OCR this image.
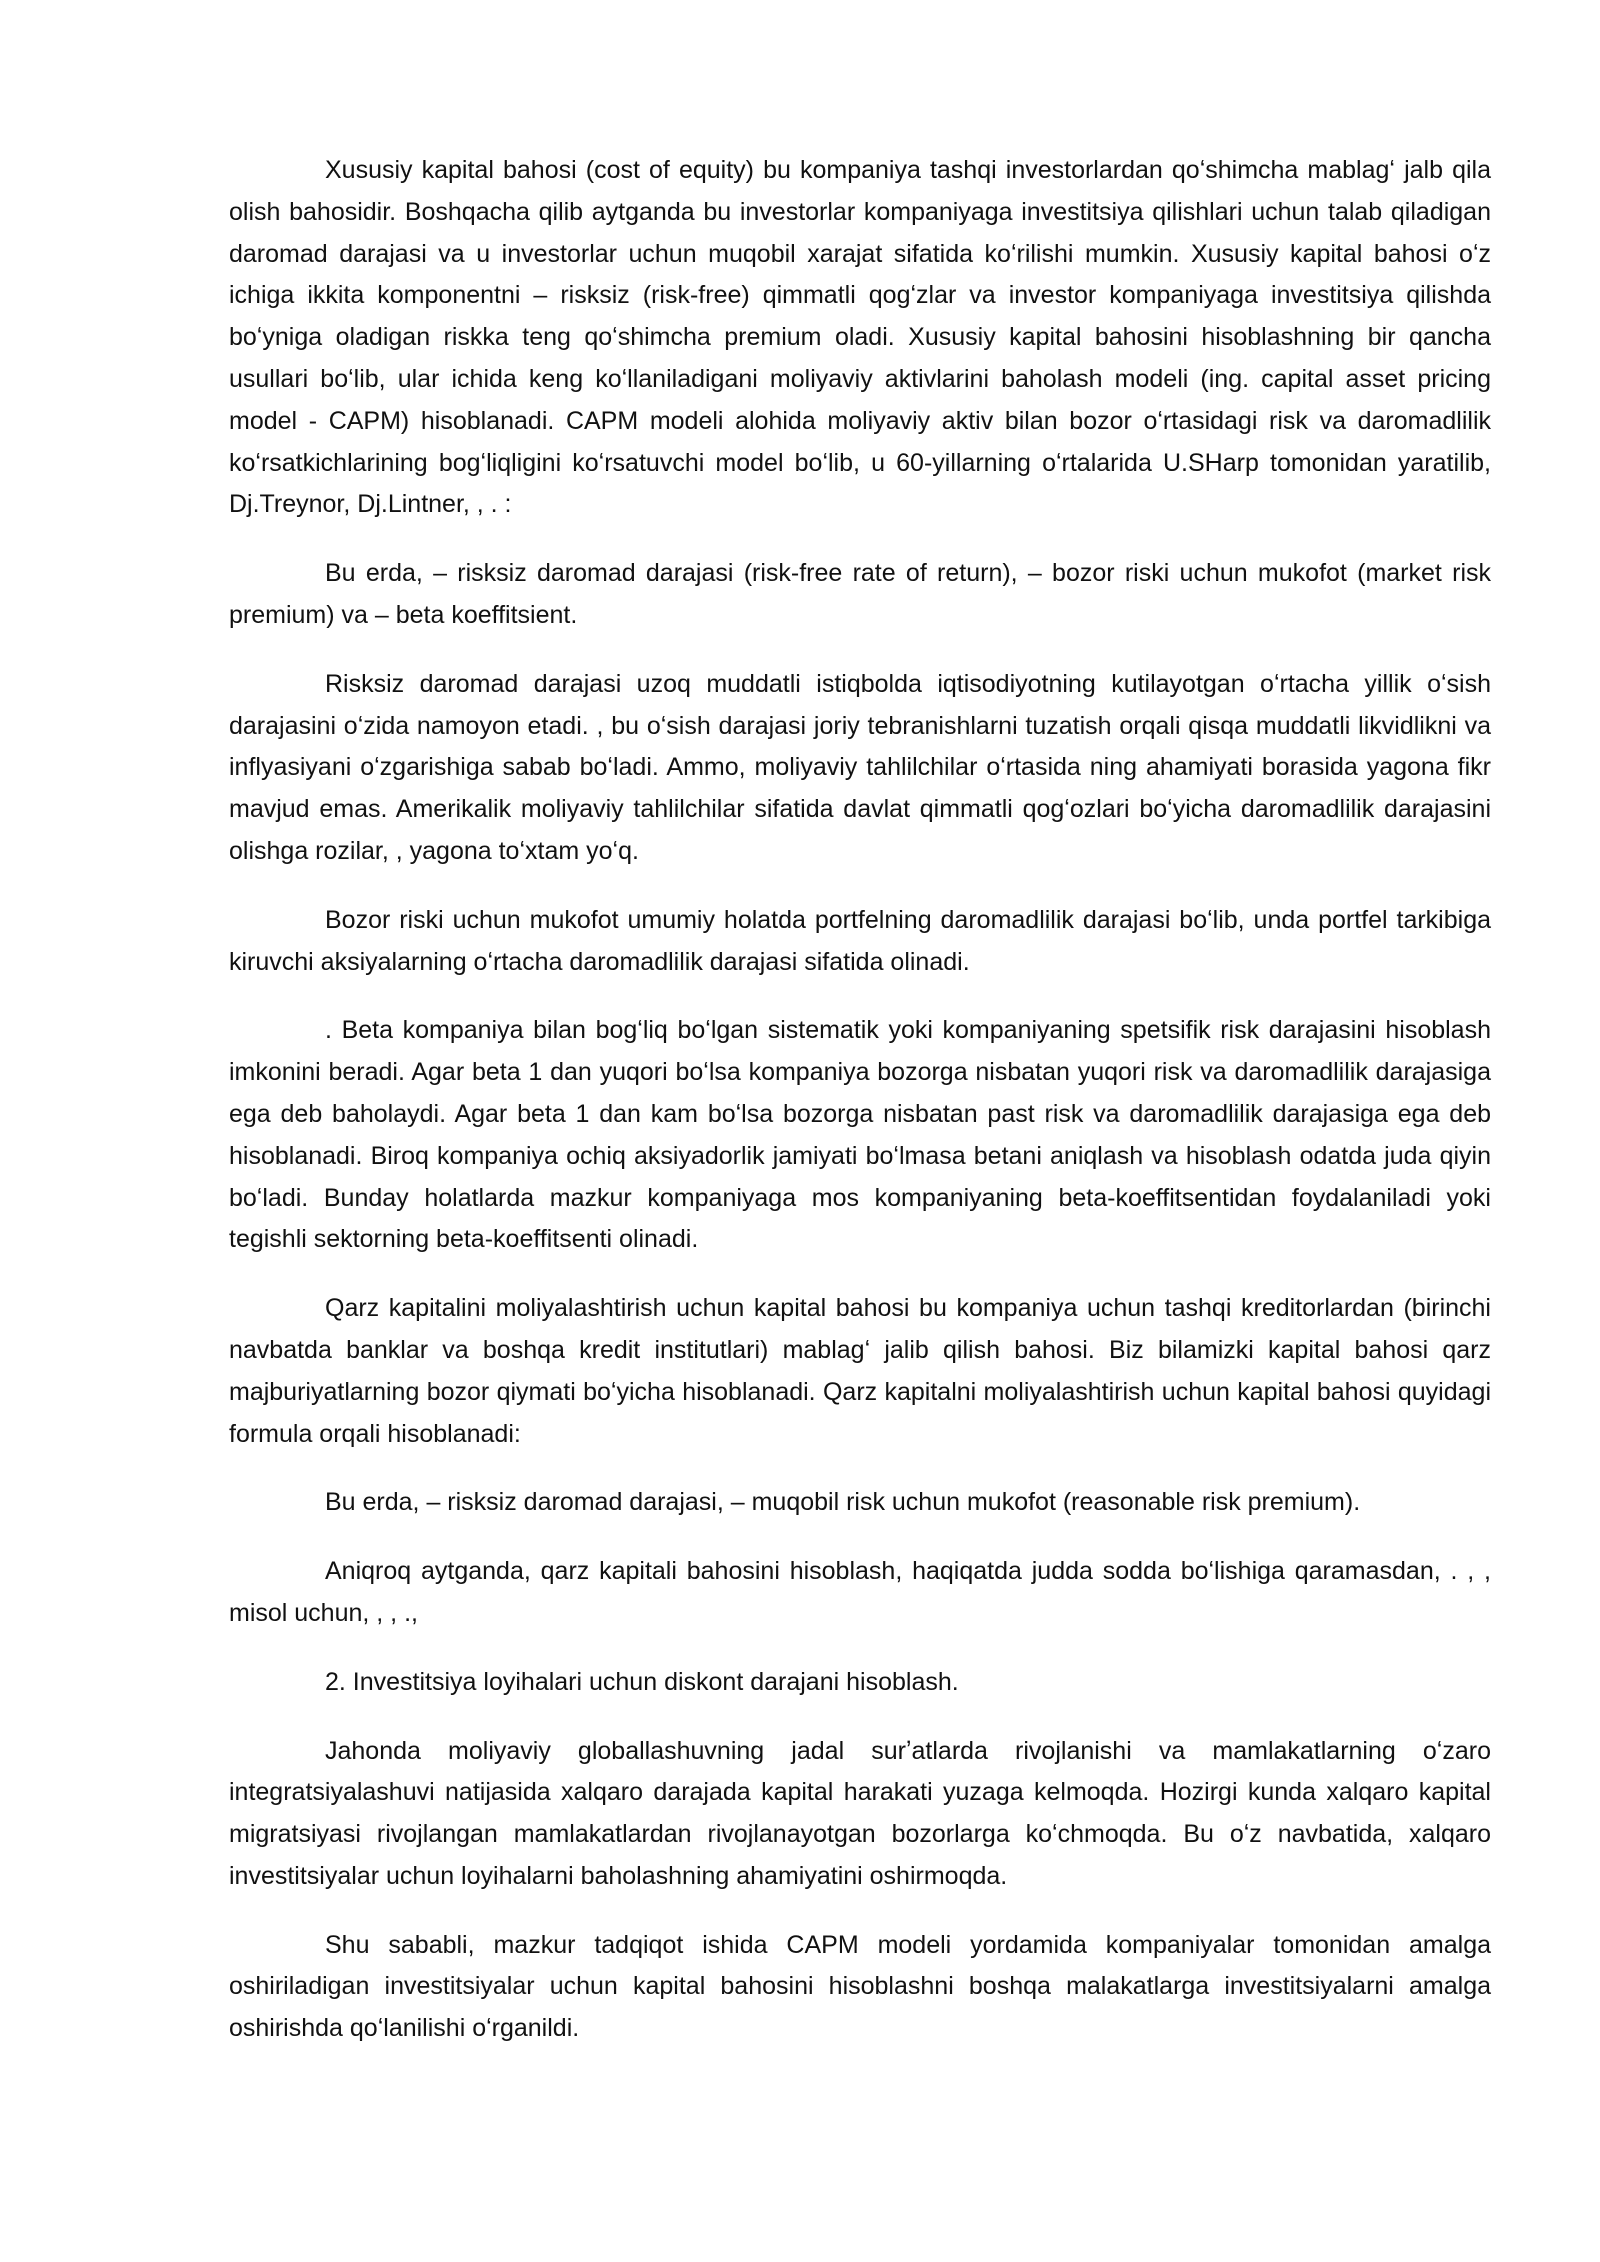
Xususiy kapital bahosi (cost of equity) bu kompaniya tashqi investorlardan qoʻshimcha mablagʻ jalb qila olish bahosidir. Boshqacha qilib aytganda bu investorlar kompaniyaga investitsiya qilishlari uchun talab qiladigan daromad darajasi va u investorlar uchun muqobil xarajat sifatida koʻrilishi mumkin. Xususiy kapital bahosi oʻz ichiga ikkita komponentni – risksiz (risk-free) qimmatli qogʻzlar va investor kompaniyaga investitsiya qilishda boʻyniga oladigan riskka teng qoʻshimcha premium oladi. Xususiy kapital bahosini hisoblashning bir qancha usullari boʻlib, ular ichida keng koʻllaniladigani moliyaviy aktivlarini baholash modeli (ing. capital asset pricing model - CAPM) hisoblanadi. CAPM modeli alohida moliyaviy aktiv bilan bozor oʻrtasidagi risk va daromadlilik koʻrsatkichlarining bogʻliqligini koʻrsatuvchi model boʻlib, u 60-yillarning oʻrtalarida U.SHarp tomonidan yaratilib, Dj.Treynor, Dj.Lintner, , . :

Bu erda, – risksiz daromad darajasi (risk-free rate of return), – bozor riski uchun mukofot (market risk premium) va – beta koeffitsient.

Risksiz daromad darajasi uzoq muddatli istiqbolda iqtisodiyotning kutilayotgan oʻrtacha yillik oʻsish darajasini oʻzida namoyon etadi. , bu oʻsish darajasi joriy tebranishlarni tuzatish orqali qisqa muddatli likvidlikni va inflyasiyani oʻzgarishiga sabab boʻladi. Ammo, moliyaviy tahlilchilar oʻrtasida ning ahamiyati borasida yagona fikr mavjud emas. Amerikalik moliyaviy tahlilchilar sifatida davlat qimmatli qogʻozlari boʻyicha daromadlilik darajasini olishga rozilar, , yagona toʻxtam yoʻq.

Bozor riski uchun mukofot umumiy holatda portfelning daromadlilik darajasi boʻlib, unda portfel tarkibiga kiruvchi aksiyalarning oʻrtacha daromadlilik darajasi sifatida olinadi.

. Beta kompaniya bilan bogʻliq boʻlgan sistematik yoki kompaniyaning spetsifik risk darajasini hisoblash imkonini beradi. Agar beta 1 dan yuqori boʻlsa kompaniya bozorga nisbatan yuqori risk va daromadlilik darajasiga ega deb baholaydi. Agar beta 1 dan kam boʻlsa bozorga nisbatan past risk va daromadlilik darajasiga ega deb hisoblanadi. Biroq kompaniya ochiq aksiyadorlik jamiyati boʻlmasa betani aniqlash va hisoblash odatda juda qiyin boʻladi. Bunday holatlarda mazkur kompaniyaga mos kompaniyaning beta-koeffitsentidan foydalaniladi yoki tegishli sektorning beta-koeffitsenti olinadi.

Qarz kapitalini moliyalashtirish uchun kapital bahosi bu kompaniya uchun tashqi kreditorlardan (birinchi navbatda banklar va boshqa kredit institutlari) mablagʻ jalib qilish bahosi. Biz bilamizki kapital bahosi qarz majburiyatlarning bozor qiymati boʻyicha hisoblanadi. Qarz kapitalni moliyalashtirish uchun kapital bahosi quyidagi formula orqali hisoblanadi:

Bu erda, – risksiz daromad darajasi, – muqobil risk uchun mukofot (reasonable risk premium).

Aniqroq aytganda, qarz kapitali bahosini hisoblash, haqiqatda judda sodda boʻlishiga qaramasdan, . , , misol uchun, , , .,

2. Investitsiya loyihalari uchun diskont darajani hisoblash.

Jahonda moliyaviy globallashuvning jadal surʼatlarda rivojlanishi va mamlakatlarning oʻzaro integratsiyalashuvi natijasida xalqaro darajada kapital harakati yuzaga kelmoqda. Hozirgi kunda xalqaro kapital migratsiyasi rivojlangan mamlakatlardan rivojlanayotgan bozorlarga koʻchmoqda. Bu oʻz navbatida, xalqaro investitsiyalar uchun loyihalarni baholashning ahamiyatini oshirmoqda.

Shu sababli, mazkur tadqiqot ishida CAPM modeli yordamida kompaniyalar tomonidan amalga oshiriladigan investitsiyalar uchun kapital bahosini hisoblashni boshqa malakatlarga investitsiyalarni amalga oshirishda qoʻlanilishi oʻrganildi.
